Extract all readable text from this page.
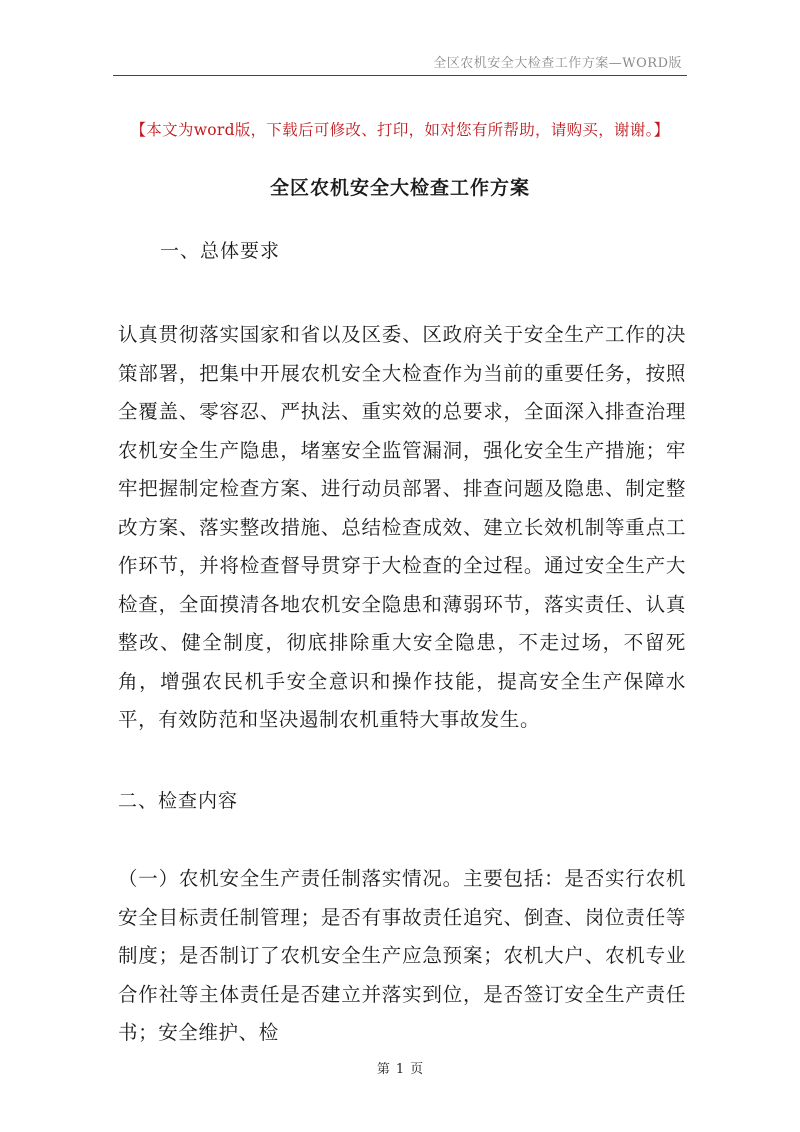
全区农机安全大检查工作方案—WORD版
【本文为word版，下载后可修改、打印，如对您有所帮助，请购买，谢谢。】
全区农机安全大检查工作方案
一、总体要求

认真贯彻落实国家和省以及区委、区政府关于安全生产工作的决策部署，把集中开展农机安全大检查作为当前的重要任务，按照全覆盖、零容忍、严执法、重实效的总要求，全面深入排查治理农机安全生产隐患，堵塞安全监管漏洞，强化安全生产措施；牢牢把握制定检查方案、进行动员部署、排查问题及隐患、制定整改方案、落实整改措施、总结检查成效、建立长效机制等重点工作环节，并将检查督导贯穿于大检查的全过程。通过安全生产大检查，全面摸清各地农机安全隐患和薄弱环节，落实责任、认真整改、健全制度，彻底排除重大安全隐患，不走过场，不留死角，增强农民机手安全意识和操作技能，提高安全生产保障水平，有效防范和坚决遏制农机重特大事故发生。

二、检查内容

（一）农机安全生产责任制落实情况。主要包括：是否实行农机安全目标责任制管理；是否有事故责任追究、倒查、岗位责任等制度；是否制订了农机安全生产应急预案；农机大户、农机专业合作社等主体责任是否建立并落实到位，是否签订安全生产责任书；安全维护、检

第 1 页
